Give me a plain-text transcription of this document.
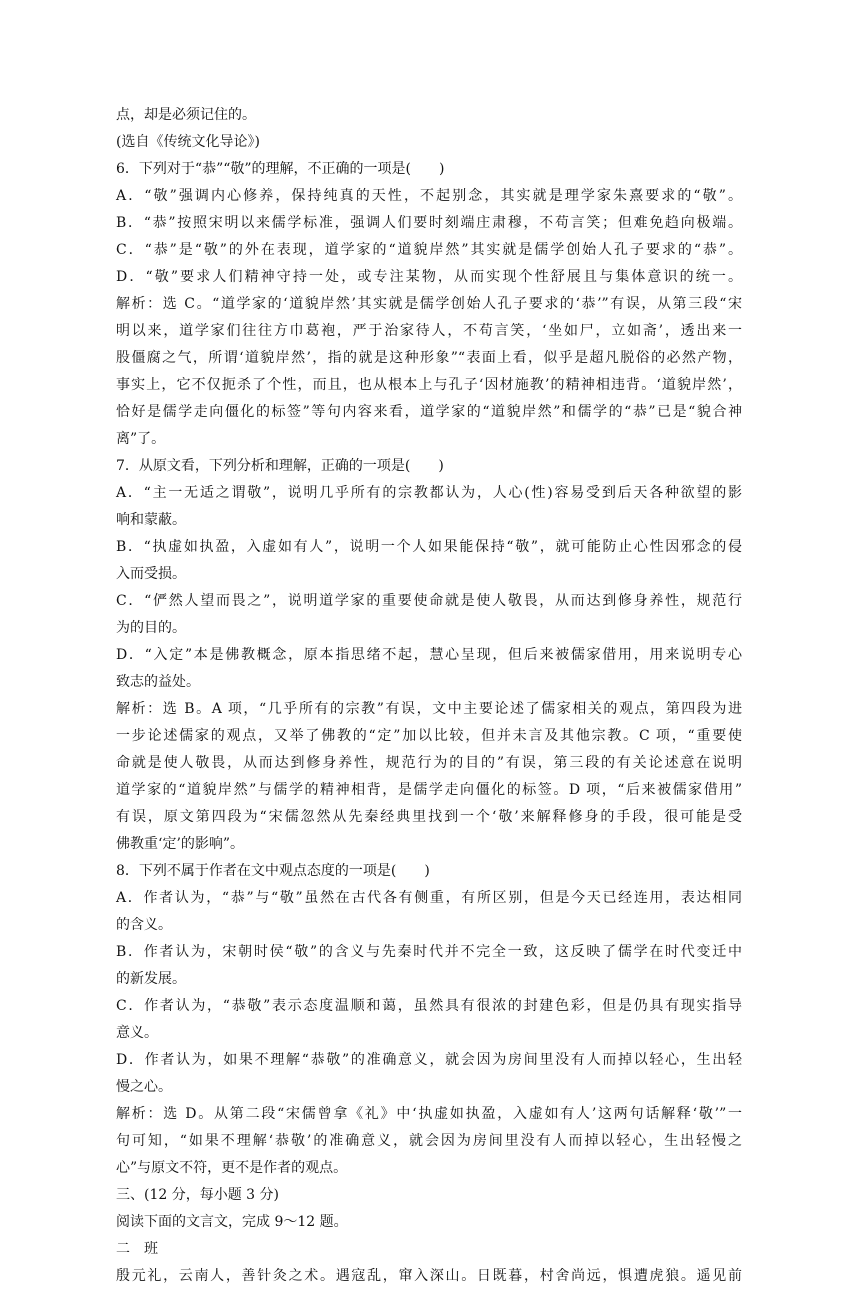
点，却是必须记住的。
(选自《传统文化导论》)
6．下列对于“恭”“敬”的理解，不正确的一项是(　　)
A．“敬”强调内心修养，保持纯真的天性，不起别念，其实就是理学家朱熹要求的“敬”。
B．“恭”按照宋明以来儒学标准，强调人们要时刻端庄肃穆，不苟言笑；但难免趋向极端。
C．“恭”是“敬”的外在表现，道学家的“道貌岸然”其实就是儒学创始人孔子要求的“恭”。
D．“敬”要求人们精神守持一处，或专注某物，从而实现个性舒展且与集体意识的统一。
解析：选 C。“道学家的‘道貌岸然’其实就是儒学创始人孔子要求的‘恭’”有误，从第三段“宋
明以来，道学家们往往方巾葛袍，严于治家待人，不苟言笑，‘坐如尸，立如斋’，透出来一
股僵腐之气，所谓‘道貌岸然’，指的就是这种形象”“表面上看，似乎是超凡脱俗的必然产物，
事实上，它不仅扼杀了个性，而且，也从根本上与孔子‘因材施教’的精神相违背。‘道貌岸然’，
恰好是儒学走向僵化的标签”等句内容来看，道学家的“道貌岸然”和儒学的“恭”已是“貌合神
离”了。
7．从原文看，下列分析和理解，正确的一项是(　　)
A．“主一无适之谓敬”，说明几乎所有的宗教都认为，人心(性)容易受到后天各种欲望的影
响和蒙蔽。
B．“执虚如执盈，入虚如有人”，说明一个人如果能保持“敬”，就可能防止心性因邪念的侵
入而受损。
C．“俨然人望而畏之”，说明道学家的重要使命就是使人敬畏，从而达到修身养性，规范行
为的目的。
D．“入定”本是佛教概念，原本指思绪不起，慧心呈现，但后来被儒家借用，用来说明专心
致志的益处。
解析：选 B。A 项，“几乎所有的宗教”有误，文中主要论述了儒家相关的观点，第四段为进
一步论述儒家的观点，又举了佛教的“定”加以比较，但并未言及其他宗教。C 项，“重要使
命就是使人敬畏，从而达到修身养性，规范行为的目的”有误，第三段的有关论述意在说明
道学家的“道貌岸然”与儒学的精神相背，是儒学走向僵化的标签。D 项，“后来被儒家借用”
有误，原文第四段为“宋儒忽然从先秦经典里找到一个‘敬’来解释修身的手段，很可能是受
佛教重‘定’的影响”。
8．下列不属于作者在文中观点态度的一项是(　　)
A．作者认为，“恭”与“敬”虽然在古代各有侧重，有所区别，但是今天已经连用，表达相同
的含义。
B．作者认为，宋朝时侯“敬”的含义与先秦时代并不完全一致，这反映了儒学在时代变迁中
的新发展。
C．作者认为，“恭敬”表示态度温顺和蔼，虽然具有很浓的封建色彩，但是仍具有现实指导
意义。
D．作者认为，如果不理解“恭敬”的准确意义，就会因为房间里没有人而掉以轻心，生出轻
慢之心。
解析：选 D。从第二段“宋儒曾拿《礼》中‘执虚如执盈，入虚如有人’这两句话解释‘敬’”一
句可知，“如果不理解‘恭敬’的准确意义，就会因为房间里没有人而掉以轻心，生出轻慢之
心”与原文不符，更不是作者的观点。
三、(12 分，每小题 3 分)
阅读下面的文言文，完成 9～12 题。
二　班
殷元礼，云南人，善针灸之术。遇寇乱，窜入深山。日既暮，村舍尚远，惧遭虎狼。遥见前
